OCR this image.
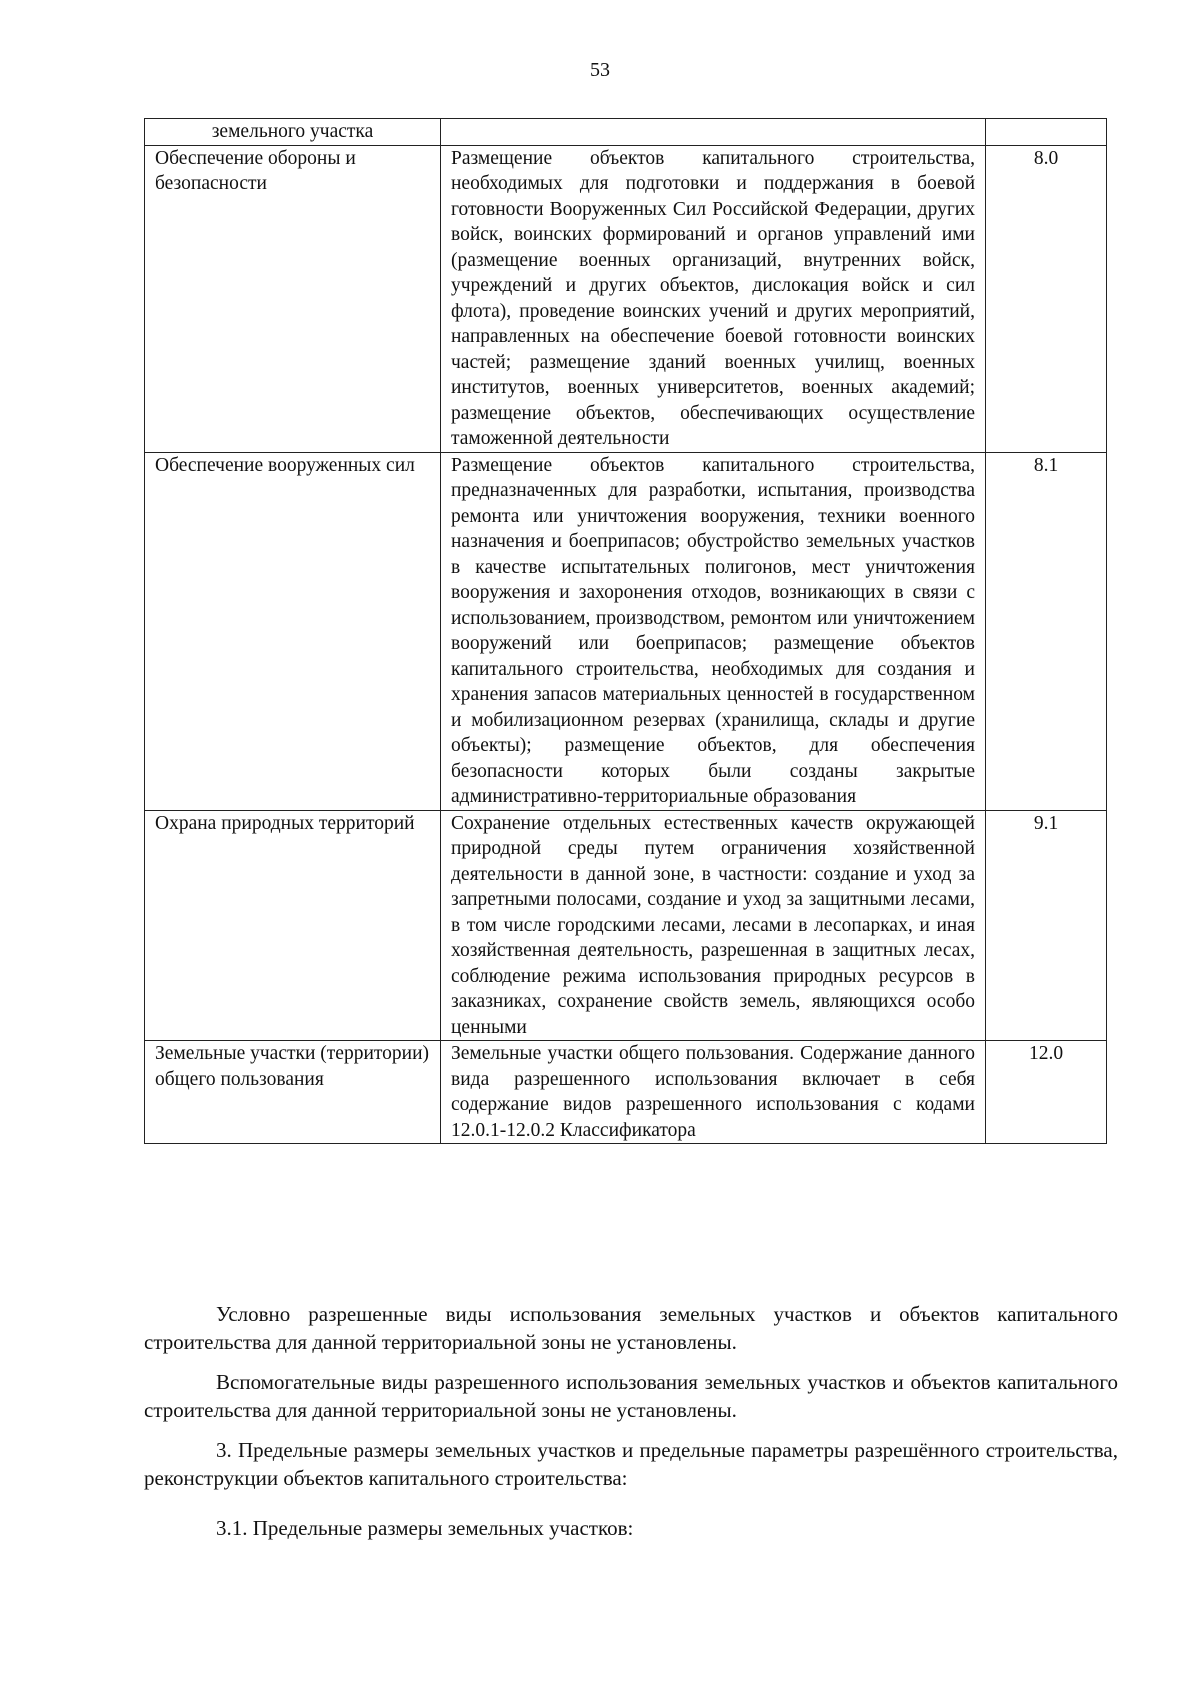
53
земельного участка		
Обеспечение обороны и безопасности	Размещение объектов капитального строительства, необходимых для подготовки и поддержания в боевой готовности Вооруженных Сил Российской Федерации, других войск, воинских формирований и органов управлений ими (размещение военных организаций, внутренних войск, учреждений и других объектов, дислокация войск и сил флота), проведение воинских учений и других мероприятий, направленных на обеспечение боевой готовности воинских частей; размещение зданий военных училищ, военных институтов, военных университетов, военных академий; размещение объектов, обеспечивающих осуществление таможенной деятельности	8.0
Обеспечение вооруженных сил	Размещение объектов капитального строительства, предназначенных для разработки, испытания, производства ремонта или уничтожения вооружения, техники военного назначения и боеприпасов; обустройство земельных участков в качестве испытательных полигонов, мест уничтожения вооружения и захоронения отходов, возникающих в связи с использованием, производством, ремонтом или уничтожением вооружений или боеприпасов; размещение объектов капитального строительства, необходимых для создания и хранения запасов материальных ценностей в государственном и мобилизационном резервах (хранилища, склады и другие объекты); размещение объектов, для обеспечения безопасности которых были созданы закрытые административно-территориальные образования	8.1
Охрана природных территорий	Сохранение отдельных естественных качеств окружающей природной среды путем ограничения хозяйственной деятельности в данной зоне, в частности: создание и уход за запретными полосами, создание и уход за защитными лесами, в том числе городскими лесами, лесами в лесопарках, и иная хозяйственная деятельность, разрешенная в защитных лесах, соблюдение режима использования природных ресурсов в заказниках, сохранение свойств земель, являющихся особо ценными	9.1
Земельные участки (территории) общего пользования	Земельные участки общего пользования. Содержание данного вида разрешенного использования включает в себя содержание видов разрешенного использования с кодами 12.0.1-12.0.2 Классификатора	12.0

Условно разрешенные виды использования земельных участков и объектов капитального строительства для данной территориальной зоны не установлены.

Вспомогательные виды разрешенного использования земельных участков и объектов капитального строительства для данной территориальной зоны не установлены.

3. Предельные размеры земельных участков и предельные параметры разрешённого строительства, реконструкции объектов капитального строительства:

3.1. Предельные размеры земельных участков:
